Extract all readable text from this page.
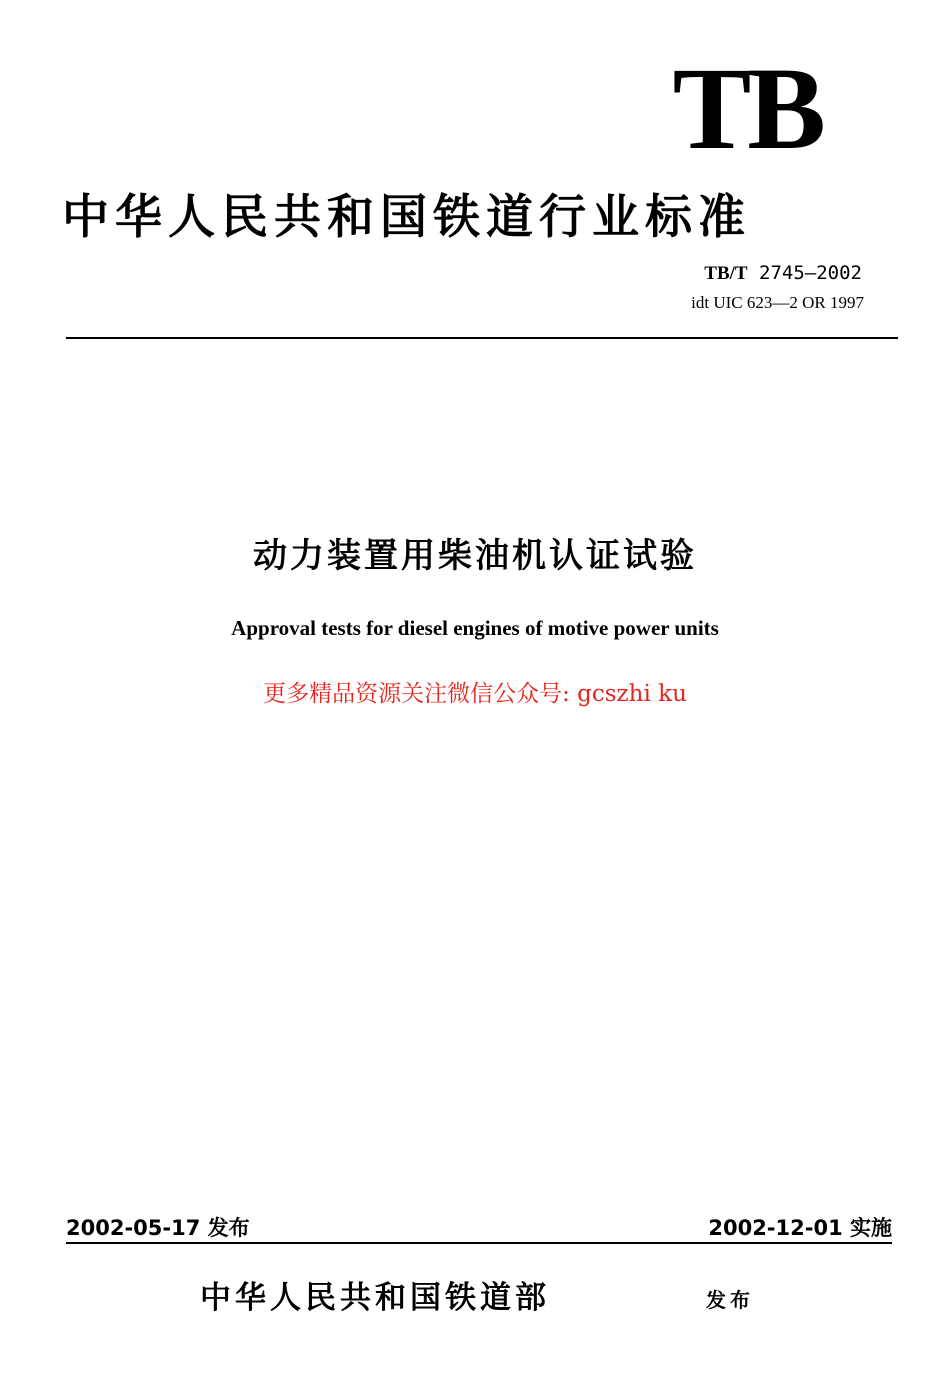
TB
中华人民共和国铁道行业标准
TB/T 2745—2002
idt UIC 623—2 OR 1997
动力装置用柴油机认证试验
Approval tests for diesel engines of motive power units
更多精品资源关注微信公众号: gcszhi ku
2002-05-17 发布	2002-12-01 实施
中华人民共和国铁道部	发布
